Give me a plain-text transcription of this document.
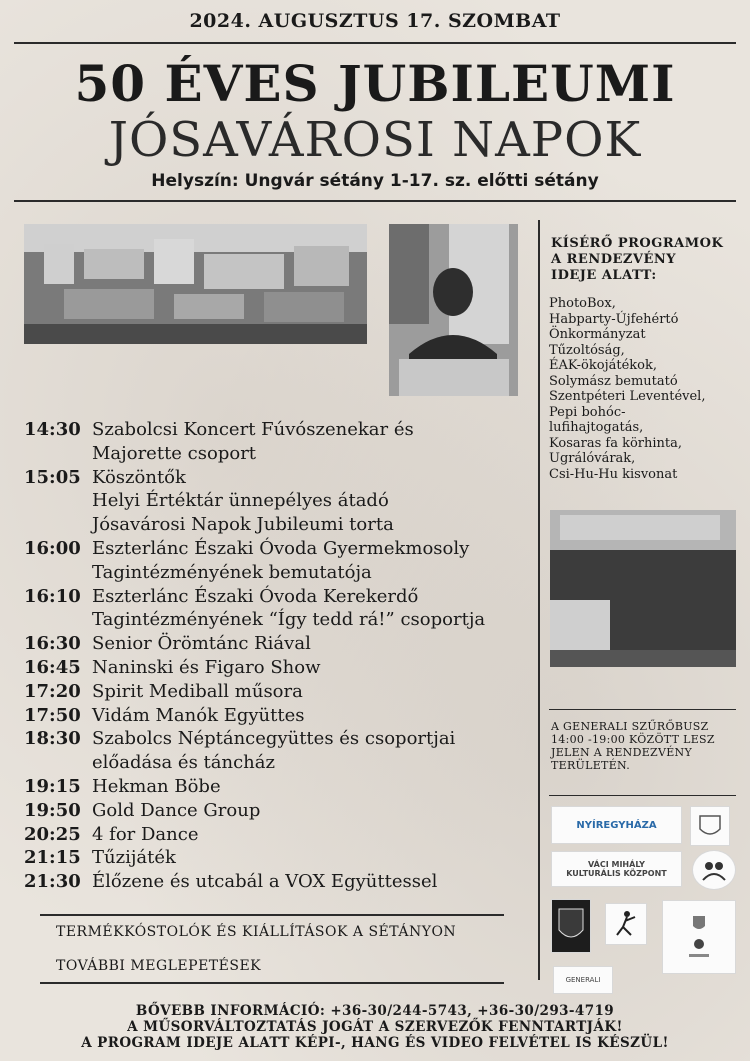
2024. AUGUSZTUS 17. SZOMBAT
50 ÉVES JUBILEUMI
JÓSAVÁROSI NAPOK
Helyszín: Ungvár sétány 1-17. sz. előtti sétány
KÍSÉRŐ PROGRAMOK
A RENDEZVÉNY
IDEJE ALATT:
PhotoBox,
Habparty-Újfehértó
Önkormányzat
Tűzoltóság,
ÉAK-ökojátékok,
Solymász bemutató
Szentpéteri Leventével,
Pepi bohóc-
lufihajtogatás,
Kosaras fa körhinta,
Ugrálóvárak,
Csi-Hu-Hu kisvonat
A GENERALI SZŰRŐBUSZ
14:00 -19:00 KÖZÖTT LESZ
JELEN A RENDEZVÉNY
TERÜLETÉN.
NYÍREGYHÁZA
VÁCI MIHÁLY
KULTURÁLIS KÖZPONT
GENERALI
14:30 Szabolcsi Koncert Fúvószenekar és
Majorette csoport
15:05 Köszöntők
Helyi Értéktár ünnepélyes átadó
Jósavárosi Napok Jubileumi torta
16:00 Eszterlánc Északi Óvoda Gyermekmosoly
Tagintézményének bemutatója
16:10 Eszterlánc Északi Óvoda Kerekerdő
Tagintézményének “Így tedd rá!” csoportja
16:30 Senior Örömtánc Riával
16:45 Naninski és Figaro Show
17:20 Spirit Mediball műsora
17:50 Vidám Manók Együttes
18:30 Szabolcs Néptáncegyüttes és csoportjai
előadása és táncház
19:15 Hekman Böbe
19:50 Gold Dance Group
20:25 4 for Dance
21:15 Tűzijáték
21:30 Élőzene és utcabál a VOX Együttessel
TERMÉKKÓSTOLÓK ÉS KIÁLLÍTÁSOK A SÉTÁNYON
TOVÁBBI MEGLEPETÉSEK
BŐVEBB INFORMÁCIÓ: +36-30/244-5743, +36-30/293-4719
A MŰSORVÁLTOZTATÁS JOGÁT A SZERVEZŐK FENNTARTJÁK!
A PROGRAM IDEJE ALATT KÉPI-, HANG ÉS VIDEO FELVÉTEL IS KÉSZÜL!
